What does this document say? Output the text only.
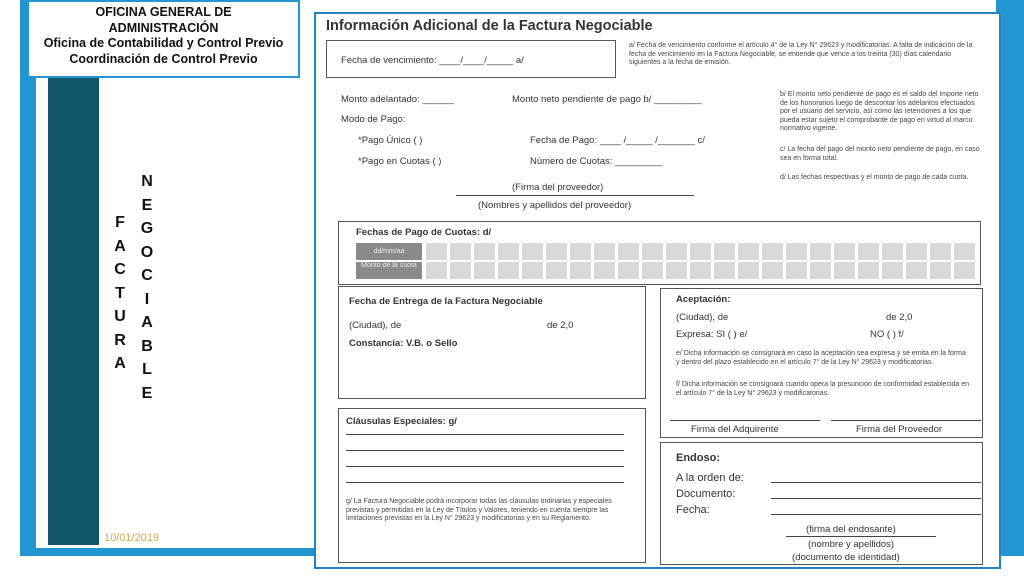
OFICINA GENERAL DE
ADMINISTRACIÓN
Oficina de Contabilidad y Control Previo
Coordinación de Control Previo
F
A
C
T
U
R
A
N
E
G
O
C
I
A
B
L
E
10/01/2019
Información Adicional de la Factura Negociable
Fecha de vencimiento: ____/____/_____ a/
a/ Fecha de vencimiento conforme el artículo 4° de la Ley N° 29623 y modificatorias. A falta de indicación de la fecha de vencimiento en la Factura Negociable, se entiende que vence a los treinta (30) días calendario siguientes a la fecha de emisión.
Monto adelantado: ______	Monto neto pendiente de pago b/ _________
Modo de Pago:
*Pago Único ( )
*Pago en Cuotas ( )
Fecha de Pago: ____ /_____ /_______ c/
Número de Cuotas: _________
b/ El monto neto pendiente de pago es el saldo del importe neto de los honorarios luego de descontar los adelantos efectuados por el usuario del servicio, así como las retenciones a los que pueda estar sujeto el comprobante de pago en virtud al marco normativo vigente.
c/ La fecha del pago del monto neto pendiente de pago, en caso sea en forma total.
d/ Las fechas respectivas y el monto de pago de cada cuota.
(Firma del proveedor)
(Nombres y apellidos del proveedor)
Fechas de Pago de Cuotas: d/
dd/mm/aa
Monto de la cuota
Fecha de Entrega de la Factura Negociable
(Ciudad), de	de 2,0
Constancia: V.B. o Sello
Aceptación:
(Ciudad), de	de 2,0
Expresa: SI ( ) e/	NO ( ) f/
e/ Dicha información se consignará en caso la aceptación sea expresa y se emita en la forma y dentro del plazo establecido en el artículo 7° de la Ley N° 29623 y modificatorias.
f/ Dicha información se consignará cuando opera la presunción de conformidad establecida en el artículo 7° de la Ley N° 29623 y modificatorias.
Firma del Adquirente	Firma del Proveedor
Cláusulas Especiales: g/
g/ La Factura Negociable podrá incorporar todas las cláusulas ordinarias y especiales previstas y permitidas en la Ley de Títulos y Valores, teniendo en cuenta siempre las limitaciones previstas en la Ley N° 29623 y modificatorias y en su Reglamento.
Endoso:
A la orden de:
Documento:
Fecha:
(firma del endosante)
(nombre y apellidos)
(documento de identidad)
